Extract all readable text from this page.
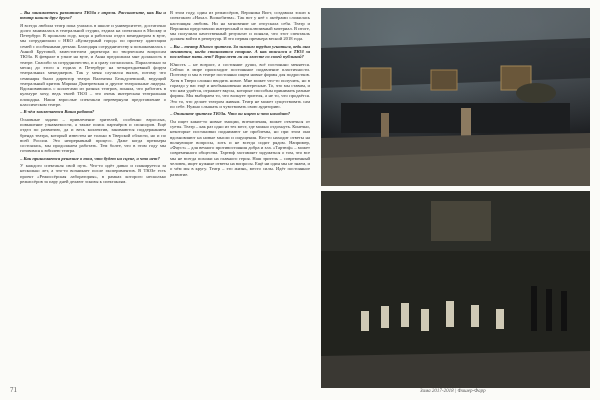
– Вы занимаетесь развитием ТЮЗа с апреля. Расскажите, как Вы и театр нашли друг друга?

Я всегда любила театр пока училась в школе и университете, достаточно долго занималась в театральной студии, ездила на спектакли в Москву и Петербург. В прошлом году, когда я работала отдел менеджером в вузе, мы сотрудничали с НКО «Культурный город» по проекту адаптации семей с особенными детьми. Благодаря сотрудничеству я познакомилась с Анной Брутовой, заместителем директора по творческим вопросам ТЮЗа. В феврале в узкие на вузе, и Анна предложила мне должность в театре. Спасибо за сотрудничество, и я сразу согласилась. Параллельно за месяц до этого я ездила в Петербург на четырехдневный форум театральных менеджеров. Так у меня случился вызов, потому что семинары были директор театра Валентин Бельдулевский, ведущий театральный критик Марина Дмитревская и другие театральные лидеры. Вдохновившись с коллегами из разных театров, поняла, что работать в культуре хочу, ведь твоей ТЮЗ – это очень интересная театральная площадка. Наши взрослые спектакли перевернули представление о классическом театре.

– В чём заключается Ваша работа?

Основные задачи – привлечение зрителей, особенно взрослых, повышение узнаваемости, а также поиск партнёров и спонсоров. Ещё отдел по развитию, да и весь коллектив, занимаются поддержанием бренда театра, который известен не только в Тверской области, но и по всей России. Это непрерывный процесс. Даже когда премьеры состоялась, мы продолжаем работать. Тем более, что в этом году мы готовимся к юбилею театра.

– Как принимается решение о том, что будет на сцене, а что нет?

У каждого спектакля свой путь. Что-то идёт давно и планируется за несколько лет, а что-то возникает после экспериментов. В ТЮЗе есть проект «Режиссёрская лаборатория», в рамках которого несколько режиссёров за пару дней делают эскизы к спектаклям.

В этом году, один из режиссёров, Вероника Вигт, создавала эскиз к спектаклю «Нахал. Волкобитва». Так вот у неё с актёрами сложилась настоящая любовь. Ни на мгновение не отпускала себя. Театр и Вероника представили интересный и эксклюзивный материал. В итоге, мы получили качественный результат и поняли, что этот спектакль должен войти в репертуар. И это первая премьера весной 2018 года.

– Вы – театр Юного зрителя. За зимним трудно угнаться, ведь они меняются, когда становятся старше. А как вписался в ТЮЗ за последние пять лет? Взрослеет ли он вместе со своей публикой?

Юность – не возраст, а состояние души, всё постоянно меняется. Сейчас в мире происходит постоянное подавление пластичности. Поэтому и мы в театре постоянно ищем новые формы для подростков. Хотя в Твери сложно вводить новое. Мне может что-то получить, но в гораздо у вас ещё и необыкновенно интересные. То, что мы ставим, и что нам удаётся, отражает вкусы, которые способны принимать разные формы. Мы выбираем то, что волнует зрителя, а не то, что продаётся. Это то, что делает театром живым. Театр не может существовать сам по себе. Нужно слышать и чувствовать свою аудиторию.

– Опишите зрителя ТЮЗа. Что он ищет и что находит?

Он ищет какие-то новые эмоции, впечатления, может отвлечься от суеты. Театр – как раз одно из тех мест, где можно отдохнуть. Конечно, некоторые постановки поднимают не проблемы, но при этом они вдохновляют на новые мысли и ощущения. Кто-то находит ответы на волнующие вопросы, хоть и не всегда сидит рядом. Например, «Фауст» – для вечного противостояния добра и зла. «Тартюф» – может современного общества. Тартюф заставляет задуматься о том, что все мы не всегда похожи на главного героя. Наш зритель – современный человек, ищет нужные ответы на вопросы. Ещё ни один мы не знаем, и о чём мы в кругу. Театр – это жизнь, место силы. Идёт постоянное развитие.

71	Зима 2017-2018 | Фишер-Фарр
